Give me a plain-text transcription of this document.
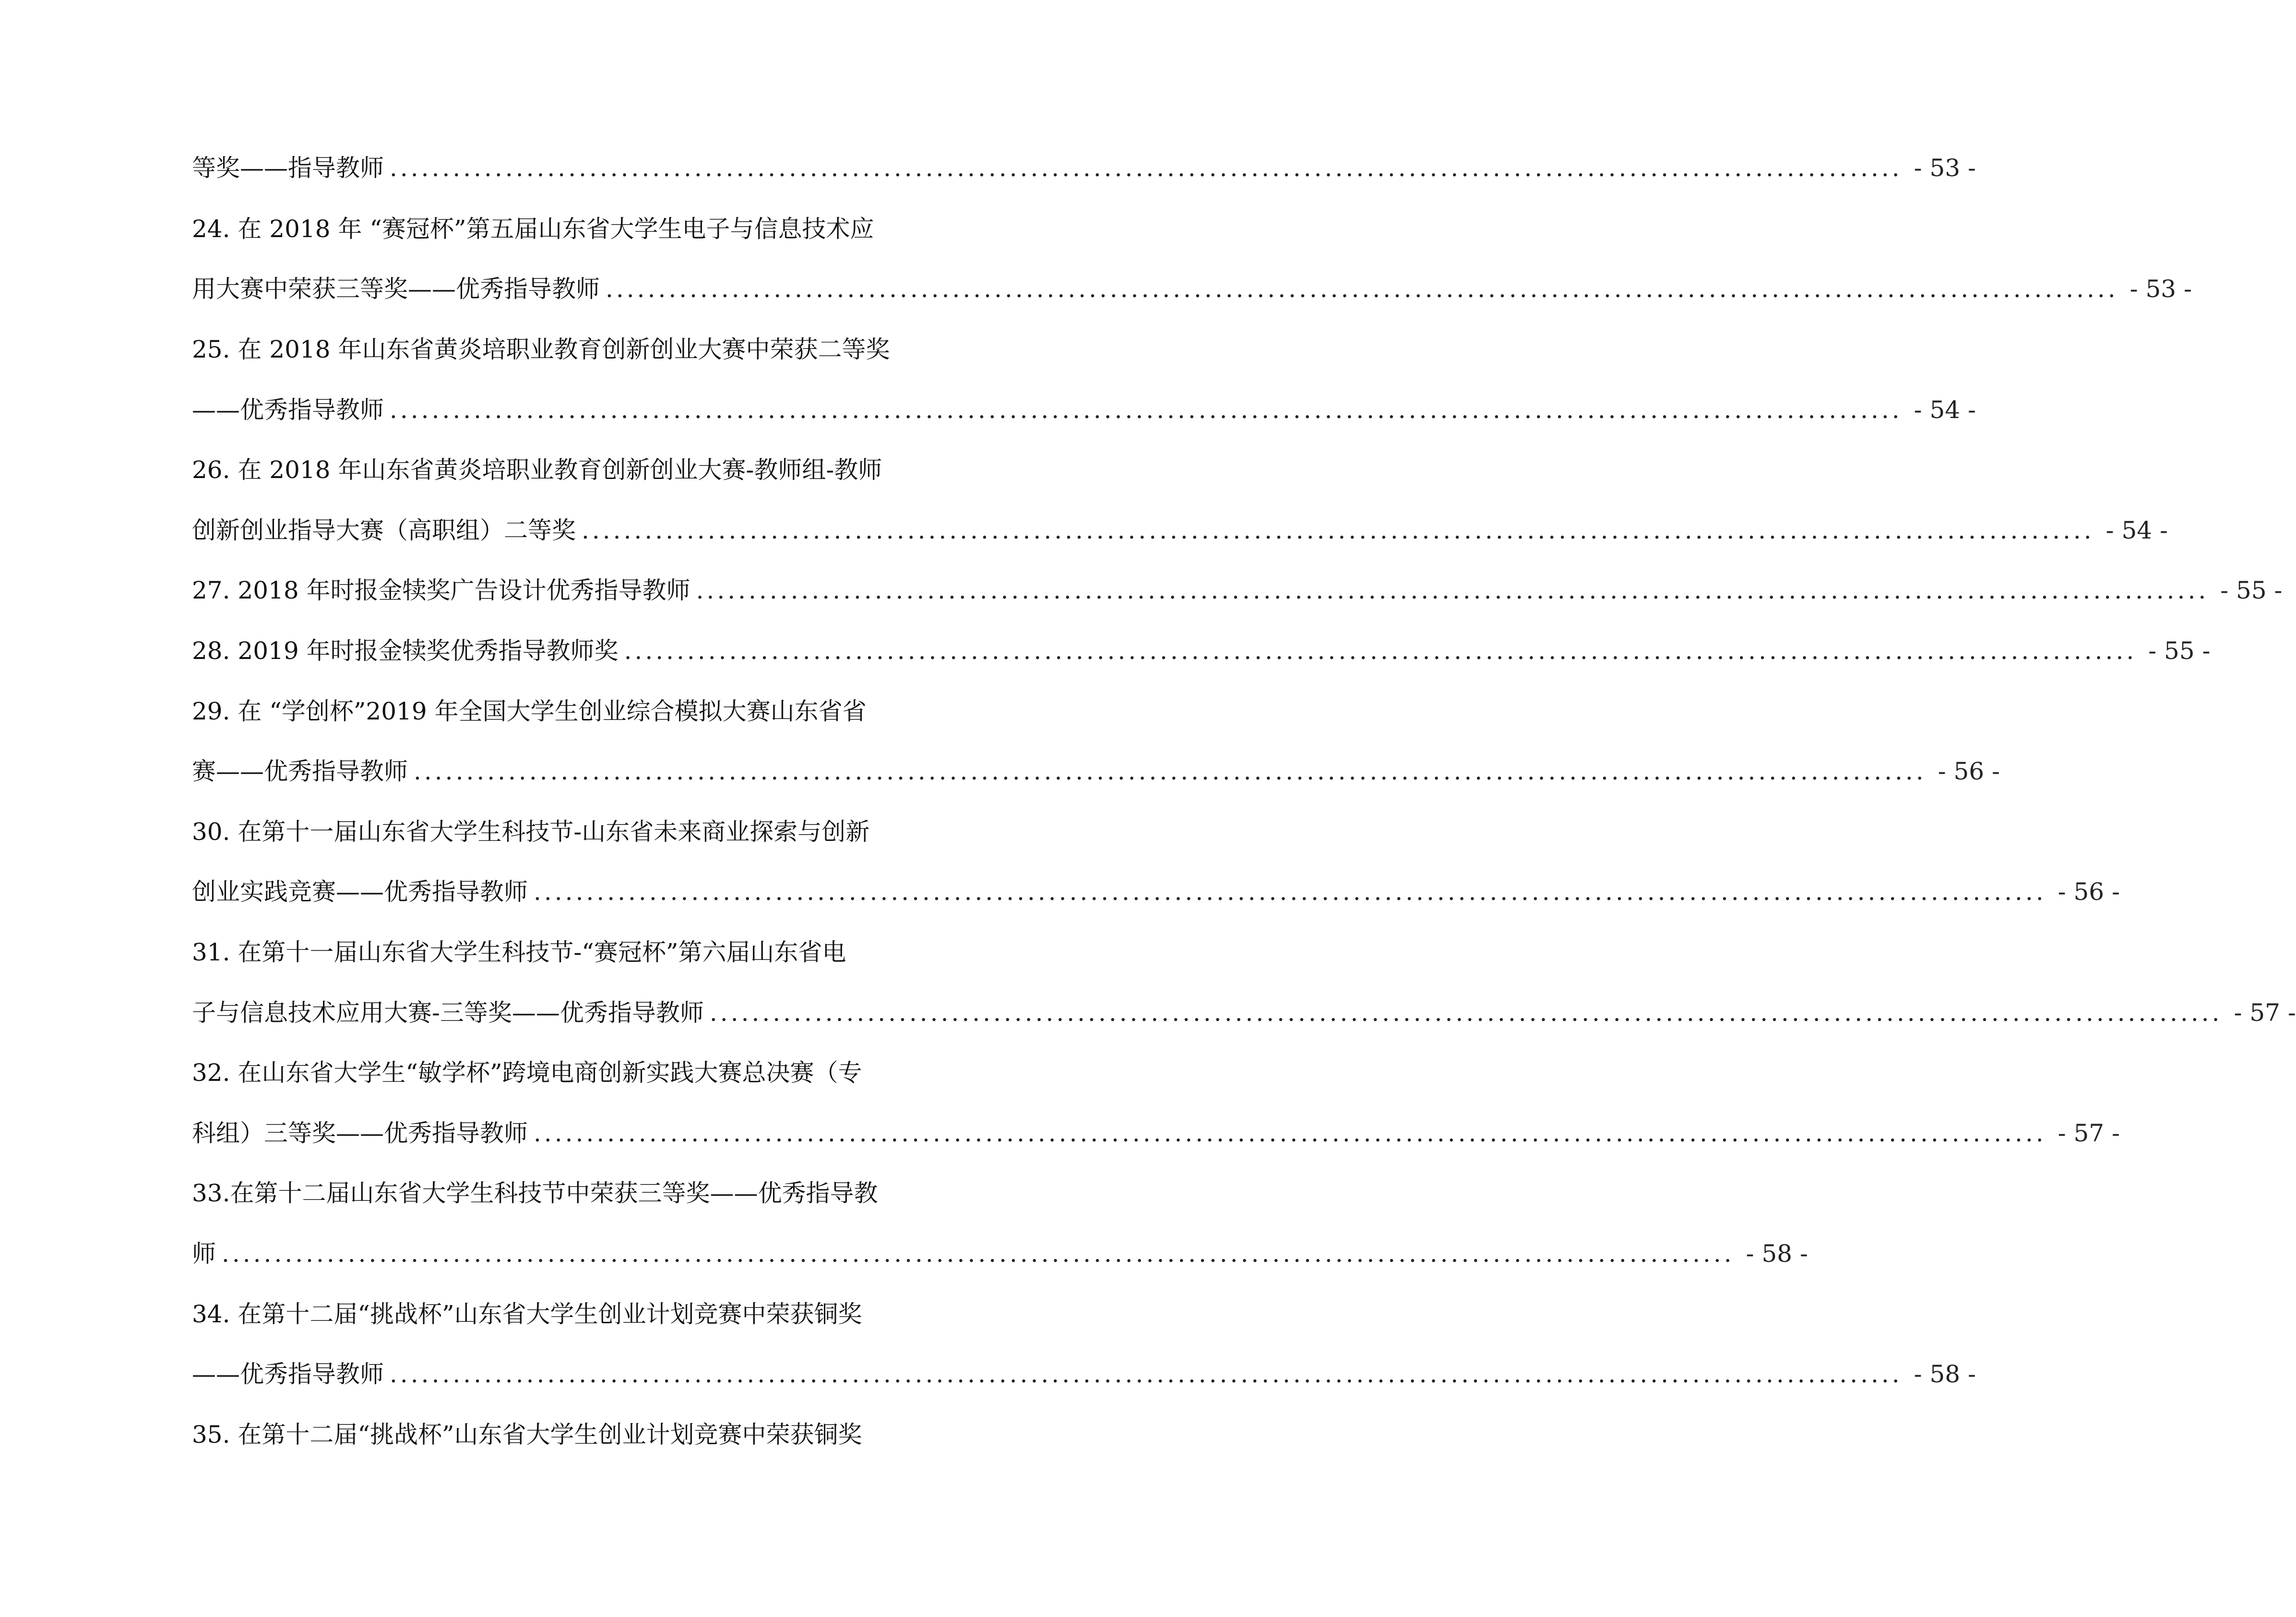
等奖——指导教师 ................................................................................................................................................ - 53 -
24. 在 2018 年 “赛冠杯”第五届山东省大学生电子与信息技术应
用大赛中荣获三等奖——优秀指导教师 ................................................................................................................................................ - 53 -
25. 在 2018 年山东省黄炎培职业教育创新创业大赛中荣获二等奖
——优秀指导教师 ................................................................................................................................................ - 54 -
26. 在 2018 年山东省黄炎培职业教育创新创业大赛-教师组-教师
创新创业指导大赛（高职组）二等奖 ................................................................................................................................................ - 54 -
27. 2018 年时报金犊奖广告设计优秀指导教师 ................................................................................................................................................ - 55 -
28. 2019 年时报金犊奖优秀指导教师奖 ................................................................................................................................................ - 55 -
29. 在 “学创杯”2019 年全国大学生创业综合模拟大赛山东省省
赛——优秀指导教师 ................................................................................................................................................ - 56 -
30. 在第十一届山东省大学生科技节-山东省未来商业探索与创新
创业实践竞赛——优秀指导教师 ................................................................................................................................................ - 56 -
31. 在第十一届山东省大学生科技节-“赛冠杯”第六届山东省电
子与信息技术应用大赛-三等奖——优秀指导教师 ................................................................................................................................................ - 57 -
32. 在山东省大学生“敏学杯”跨境电商创新实践大赛总决赛（专
科组）三等奖——优秀指导教师 ................................................................................................................................................ - 57 -
33.在第十二届山东省大学生科技节中荣获三等奖——优秀指导教
师 ................................................................................................................................................ - 58 -
34. 在第十二届“挑战杯”山东省大学生创业计划竞赛中荣获铜奖
——优秀指导教师 ................................................................................................................................................ - 58 -
35. 在第十二届“挑战杯”山东省大学生创业计划竞赛中荣获铜奖
